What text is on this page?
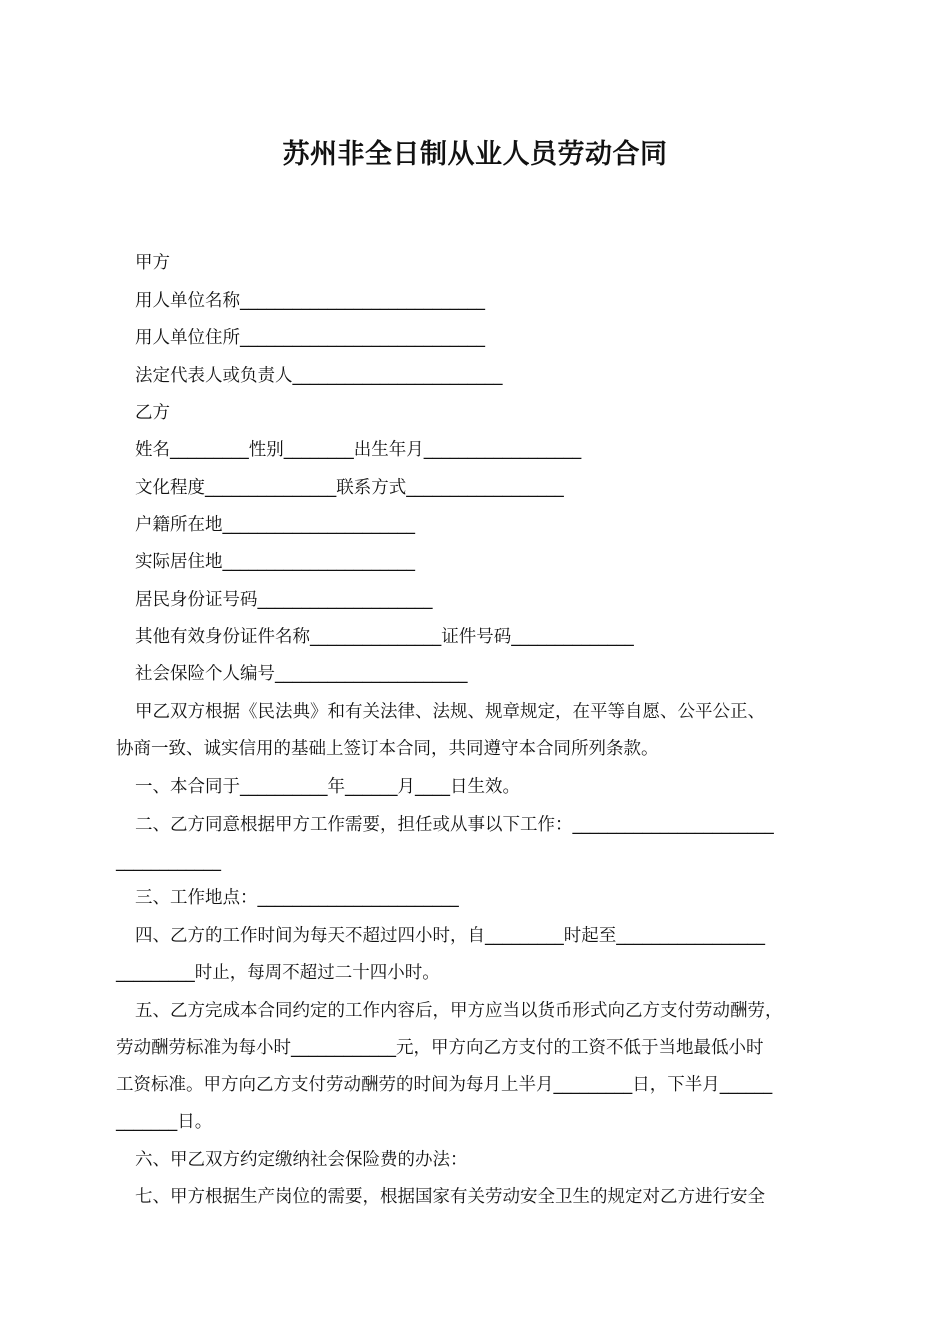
苏州非全日制从业人员劳动合同
甲方
用人单位名称____________________________
用人单位住所____________________________
法定代表人或负责人________________________
乙方
姓名_________性别________出生年月__________________
文化程度_______________联系方式__________________
户籍所在地______________________
实际居住地______________________
居民身份证号码____________________
其他有效身份证件名称_______________证件号码______________
社会保险个人编号______________________
甲乙双方根据《民法典》和有关法律、法规、规章规定，在平等自愿、公平公正、
协商一致、诚实信用的基础上签订本合同，共同遵守本合同所列条款。
一、本合同于__________年______月____日生效。
二、乙方同意根据甲方工作需要，担任或从事以下工作：_______________________
____________
三、工作地点：_______________________
四、乙方的工作时间为每天不超过四小时，自_________时起至_________________
_________时止，每周不超过二十四小时。
五、乙方完成本合同约定的工作内容后，甲方应当以货币形式向乙方支付劳动酬劳，
劳动酬劳标准为每小时____________元，甲方向乙方支付的工资不低于当地最低小时
工资标准。甲方向乙方支付劳动酬劳的时间为每月上半月_________日，下半月______
_______日。
六、甲乙双方约定缴纳社会保险费的办法：
七、甲方根据生产岗位的需要，根据国家有关劳动安全卫生的规定对乙方进行安全
